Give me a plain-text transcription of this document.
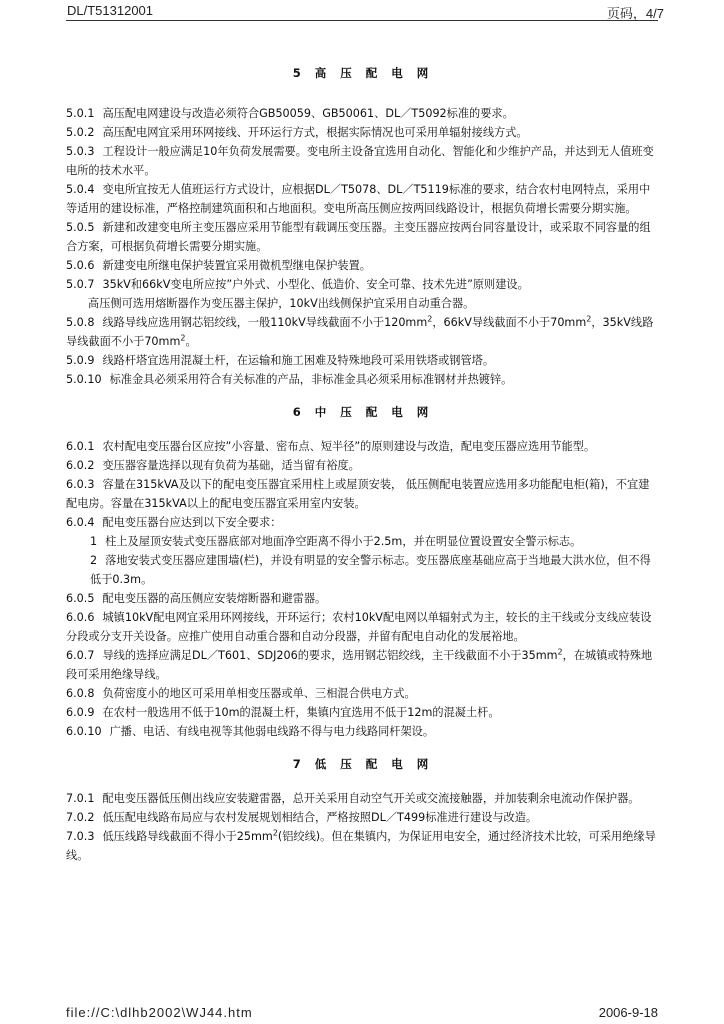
DL/T51312001	页码，4/7
5 高 压 配 电 网

5.0.1 高压配电网建设与改造必须符合GB50059、GB50061、DL／T5092标准的要求。

5.0.2 高压配电网宜采用环网接线、开环运行方式，根据实际情况也可采用单辐射接线方式。

5.0.3 工程设计一般应满足10年负荷发展需要。变电所主设备宜选用自动化、智能化和少维护产品，并达到无人值班变电所的技术水平。

5.0.4 变电所宜按无人值班运行方式设计，应根据DL／T5078、DL／T5119标准的要求，结合农村电网特点，采用中等适用的建设标准，严格控制建筑面积和占地面积。变电所高压侧应按两回线路设计，根据负荷增长需要分期实施。

5.0.5 新建和改建变电所主变压器应采用节能型有载调压变压器。主变压器应按两台同容量设计，或采取不同容量的组合方案，可根据负荷增长需要分期实施。

5.0.6 新建变电所继电保护装置宜采用微机型继电保护装置。

5.0.7 35kV和66kV变电所应按”户外式、小型化、低造价、安全可靠、技术先进”原则建设。

高压侧可选用熔断器作为变压器主保护，10kV出线侧保护宜采用自动重合器。

5.0.8 线路导线应选用钢芯铝绞线，一般110kV导线截面不小于$120mm^2$，66kV导线截面不小于$70mm^2$，35kV线路导线截面不小于$70mm^2$。

5.0.9 线路杆塔宜选用混凝土杆，在运输和施工困难及特殊地段可采用铁塔或钢管塔。

5.0.10 标准金具必须采用符合有关标准的产品，非标准金具必须采用标准钢材并热镀锌。

6 中 压 配 电 网

6.0.1 农村配电变压器台区应按”小容量、密布点、短半径”的原则建设与改造，配电变压器应选用节能型。

6.0.2 变压器容量选择以现有负荷为基础，适当留有裕度。

6.0.3 容量在315kVA及以下的配电变压器宜采用柱上或屋顶安装， 低压侧配电装置应选用多功能配电柜(箱)，不宜建配电房。容量在315kVA以上的配电变压器宜采用室内安装。

6.0.4 配电变压器台应达到以下安全要求：

1 柱上及屋顶安装式变压器底部对地面净空距离不得小于2.5m，并在明显位置设置安全警示标志。

2 落地安装式变压器应建围墙(栏)，并设有明显的安全警示标志。变压器底座基础应高于当地最大洪水位，但不得低于0.3m。

6.0.5 配电变压器的高压侧应安装熔断器和避雷器。

6.0.6 城镇10kV配电网宜采用环网接线，开环运行；农村10kV配电网以单辐射式为主，较长的主干线或分支线应装设分段或分支开关设备。应推广使用自动重合器和自动分段器，并留有配电自动化的发展裕地。

6.0.7 导线的选择应满足DL／T601、SDJ206的要求，选用钢芯铝绞线，主干线截面不小于$35mm^2$，在城镇或特殊地段可采用绝缘导线。

6.0.8 负荷密度小的地区可采用单相变压器或单、三相混合供电方式。

6.0.9 在农村一般选用不低于10m的混凝土杆，集镇内宜选用不低于12m的混凝土杆。

6.0.10 广播、电话、有线电视等其他弱电线路不得与电力线路同杆架设。

7 低 压 配 电 网

7.0.1 配电变压器低压侧出线应安装避雷器，总开关采用自动空气开关或交流接触器，并加装剩余电流动作保护器。

7.0.2 低压配电线路布局应与农村发展规划相结合，严格按照DL／T499标准进行建设与改造。

7.0.3 低压线路导线截面不得小于$25mm^2$(铝绞线)。但在集镇内，为保证用电安全，通过经济技术比较，可采用绝缘导线。

file://C:\dlhb2002\WJ44.htm	2006-9-18
